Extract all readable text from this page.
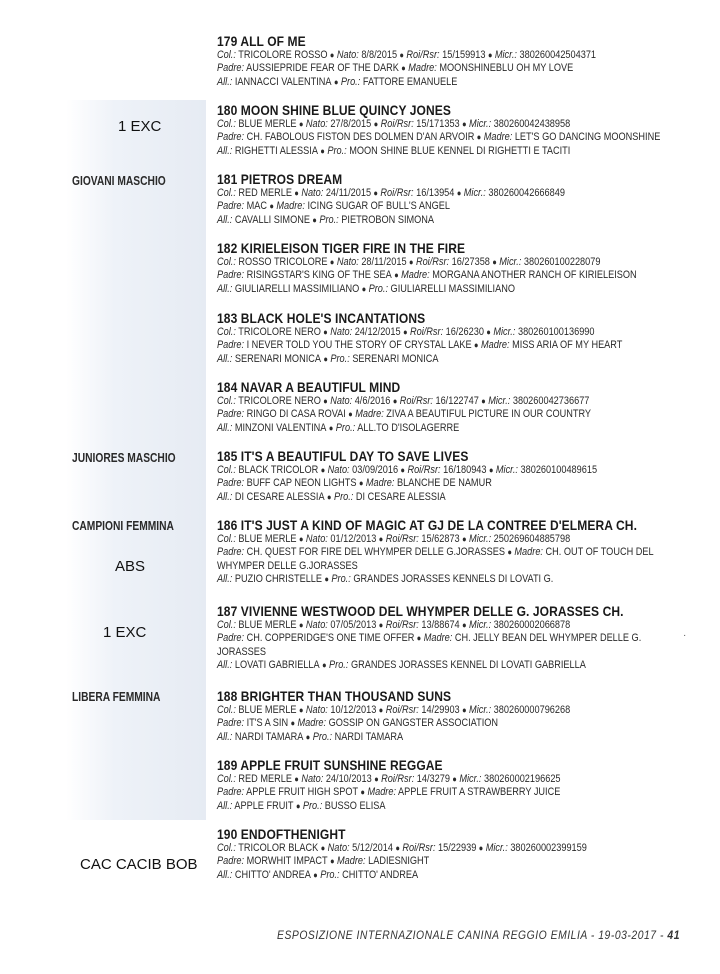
GIOVANI MASCHIO
JUNIORES MASCHIO
CAMPIONI FEMMINA
LIBERA FEMMINA
1 EXC
ABS
1 EXC
CAC CACIB BOB
179 ALL OF ME
Col.: TRICOLORE ROSSO ● Nato: 8/8/2015 ● Roi/Rsr: 15/159913 ● Micr.: 380260042504371
Padre: AUSSIEPRIDE FEAR OF THE DARK ● Madre: MOONSHINEBLU OH MY LOVE
All.: IANNACCI VALENTINA ● Pro.: FATTORE EMANUELE
180 MOON SHINE BLUE QUINCY JONES
Col.: BLUE MERLE ● Nato: 27/8/2015 ● Roi/Rsr: 15/171353 ● Micr.: 380260042438958
Padre: CH. FABOLOUS FISTON DES DOLMEN D'AN ARVOIR ● Madre: LET'S GO DANCING MOONSHINE
All.: RIGHETTI ALESSIA ● Pro.: MOON SHINE BLUE KENNEL DI RIGHETTI E TACITI
181 PIETROS DREAM
Col.: RED MERLE ● Nato: 24/11/2015 ● Roi/Rsr: 16/13954 ● Micr.: 380260042666849
Padre: MAC ● Madre: ICING SUGAR OF BULL'S ANGEL
All.: CAVALLI SIMONE ● Pro.: PIETROBON SIMONA
182 KIRIELEISON TIGER FIRE IN THE FIRE
Col.: ROSSO TRICOLORE ● Nato: 28/11/2015 ● Roi/Rsr: 16/27358 ● Micr.: 380260100228079
Padre: RISINGSTAR'S KING OF THE SEA ● Madre: MORGANA ANOTHER RANCH OF KIRIELEISON
All.: GIULIARELLI MASSIMILIANO ● Pro.: GIULIARELLI MASSIMILIANO
183 BLACK HOLE'S INCANTATIONS
Col.: TRICOLORE NERO ● Nato: 24/12/2015 ● Roi/Rsr: 16/26230 ● Micr.: 380260100136990
Padre: I NEVER TOLD YOU THE STORY OF CRYSTAL LAKE ● Madre: MISS ARIA OF MY HEART
All.: SERENARI MONICA ● Pro.: SERENARI MONICA
184 NAVAR A BEAUTIFUL MIND
Col.: TRICOLORE NERO ● Nato: 4/6/2016 ● Roi/Rsr: 16/122747 ● Micr.: 380260042736677
Padre: RINGO DI CASA ROVAI ● Madre: ZIVA A BEAUTIFUL PICTURE IN OUR COUNTRY
All.: MINZONI VALENTINA ● Pro.: ALL.TO D'ISOLAGERRE
185 IT'S A BEAUTIFUL DAY TO SAVE LIVES
Col.: BLACK TRICOLOR ● Nato: 03/09/2016 ● Roi/Rsr: 16/180943 ● Micr.: 380260100489615
Padre: BUFF CAP NEON LIGHTS ● Madre: BLANCHE DE NAMUR
All.: DI CESARE ALESSIA ● Pro.: DI CESARE ALESSIA
186 IT'S JUST A KIND OF MAGIC AT GJ DE LA CONTREE D'ELMERA CH.
Col.: BLUE MERLE ● Nato: 01/12/2013 ● Roi/Rsr: 15/62873 ● Micr.: 250269604885798
Padre: CH. QUEST FOR FIRE DEL WHYMPER DELLE G.JORASSES ● Madre: CH. OUT OF TOUCH DEL
WHYMPER DELLE G.JORASSES
All.: PUZIO CHRISTELLE ● Pro.: GRANDES JORASSES KENNELS DI LOVATI G.
187 VIVIENNE WESTWOOD DEL WHYMPER DELLE G. JORASSES CH.
Col.: BLUE MERLE ● Nato: 07/05/2013 ● Roi/Rsr: 13/88674 ● Micr.: 380260002066878
Padre: CH. COPPERIDGE'S ONE TIME OFFER ● Madre: CH. JELLY BEAN DEL WHYMPER DELLE G.
JORASSES
All.: LOVATI GABRIELLA ● Pro.: GRANDES JORASSES KENNEL DI LOVATI GABRIELLA
188 BRIGHTER THAN THOUSAND SUNS
Col.: BLUE MERLE ● Nato: 10/12/2013 ● Roi/Rsr: 14/29903 ● Micr.: 380260000796268
Padre: IT'S A SIN ● Madre: GOSSIP ON GANGSTER ASSOCIATION
All.: NARDI TAMARA ● Pro.: NARDI TAMARA
189 APPLE FRUIT SUNSHINE REGGAE
Col.: RED MERLE ● Nato: 24/10/2013 ● Roi/Rsr: 14/3279 ● Micr.: 380260002196625
Padre: APPLE FRUIT HIGH SPOT ● Madre: APPLE FRUIT A STRAWBERRY JUICE
All.: APPLE FRUIT ● Pro.: BUSSO ELISA
190 ENDOFTHENIGHT
Col.: TRICOLOR BLACK ● Nato: 5/12/2014 ● Roi/Rsr: 15/22939 ● Micr.: 380260002399159
Padre: MORWHIT IMPACT ● Madre: LADIESNIGHT
All.: CHITTO' ANDREA ● Pro.: CHITTO' ANDREA
ESPOSIZIONE INTERNAZIONALE CANINA REGGIO EMILIA - 19-03-2017 - 41
·
